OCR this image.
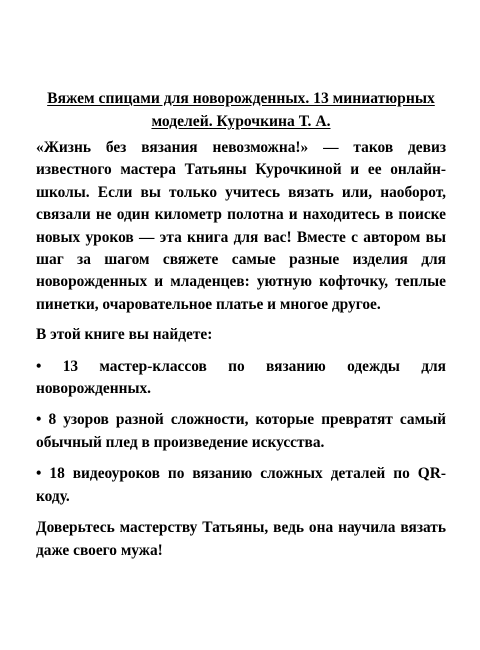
Вяжем спицами для новорожденных. 13 миниатюрных моделей. Курочкина Т. А.
«Жизнь без вязания невозможна!» — таков девиз известного мастера Татьяны Курочкиной и ее онлайн-школы. Если вы только учитесь вязать или, наоборот, связали не один километр полотна и находитесь в поиске новых уроков — эта книга для вас! Вместе с автором вы шаг за шагом свяжете самые разные изделия для новорожденных и младенцев: уютную кофточку, теплые пинетки, очаровательное платье и многое другое.
В этой книге вы найдете:
• 13 мастер-классов по вязанию одежды для новорожденных.
• 8 узоров разной сложности, которые превратят самый обычный плед в произведение искусства.
• 18 видеоуроков по вязанию сложных деталей по QR-коду.
Доверьтесь мастерству Татьяны, ведь она научила вязать даже своего мужа!
